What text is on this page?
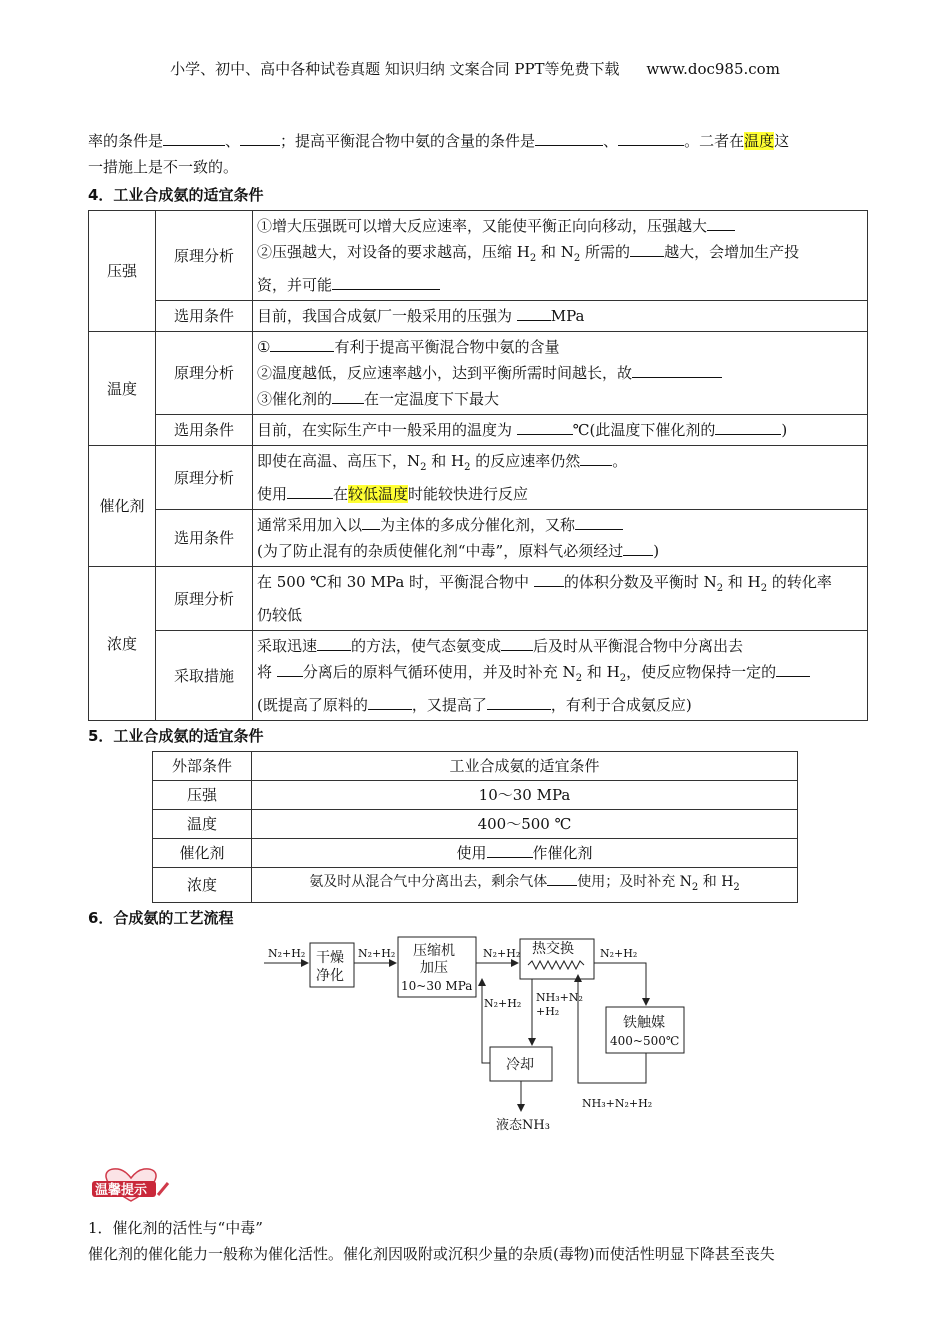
小学、初中、高中各种试卷真题 知识归纳 文案合同 PPT等免费下载 www.doc985.com

率的条件是	、	；提高平衡混合物中氨的含量的条件是	、	。二者在温度这

一措施上是不一致的。

4．工业合成氨的适宜条件
压强	原理分析	①增大压强既可以增大反应速率，又能使平衡正向向移动，压强越大
②压强越大，对设备的要求越高，压缩 $H_2$ 和 $N_2$ 所需的 越大，会增加生产投
资，并可能

	选用条件	目前，我国合成氨厂一般采用的压强为 MPa
温度	原理分析	① 有利于提高平衡混合物中氨的含量
②温度越低，反应速率越小，达到平衡所需时间越长，故
③催化剂的 在一定温度下下最大

	选用条件	目前，在实际生产中一般采用的温度为 ℃(此温度下催化剂的 )
催化剂	原理分析	即使在高温、高压下，$N_2$ 和 $H_2$ 的反应速率仍然 。
使用 在较低温度时能较快进行反应

	选用条件	通常采用加入以 为主体的多成分催化剂，又称
(为了防止混有的杂质使催化剂“中毒”，原料气必须经过 )

浓度	原理分析	在 500 ℃和 30 MPa 时，平衡混合物中 的体积分数及平衡时 $N_2$ 和 $H_2$ 的转化率
仍较低

	采取措施	采取迅速 的方法，使气态氨变成 后及时从平衡混合物中分离出去
将 分离后的原料气循环使用，并及时补充 $N_2$ 和 $H_2$，使反应物保持一定的
(既提高了原料的 ，又提高了 ，有利于合成氨反应)
5．工业合成氨的适宜条件
外部条件	工业合成氨的适宜条件
压强	10～30 MPa
温度	400～500 ℃
催化剂	使用 作催化剂
浓度	氨及时从混合气中分离出去，剩余气体 使用；及时补充 $N_2$ 和 $H_2$
6．合成氨的工艺流程
N₂+H₂ 干燥
净化
N₂+H₂ 压缩机
加压
10~30 MPa
N₂+H₂ 热交换 N₂+H₂
铁触媒
400~500℃
NH₃+N₂+H₂
NH₃+N₂
+H₂
冷却
N₂+H₂
液态NH₃
温馨提示

1．催化剂的活性与“中毒”

催化剂的催化能力一般称为催化活性。催化剂因吸附或沉积少量的杂质(毒物)而使活性明显下降甚至丧失
